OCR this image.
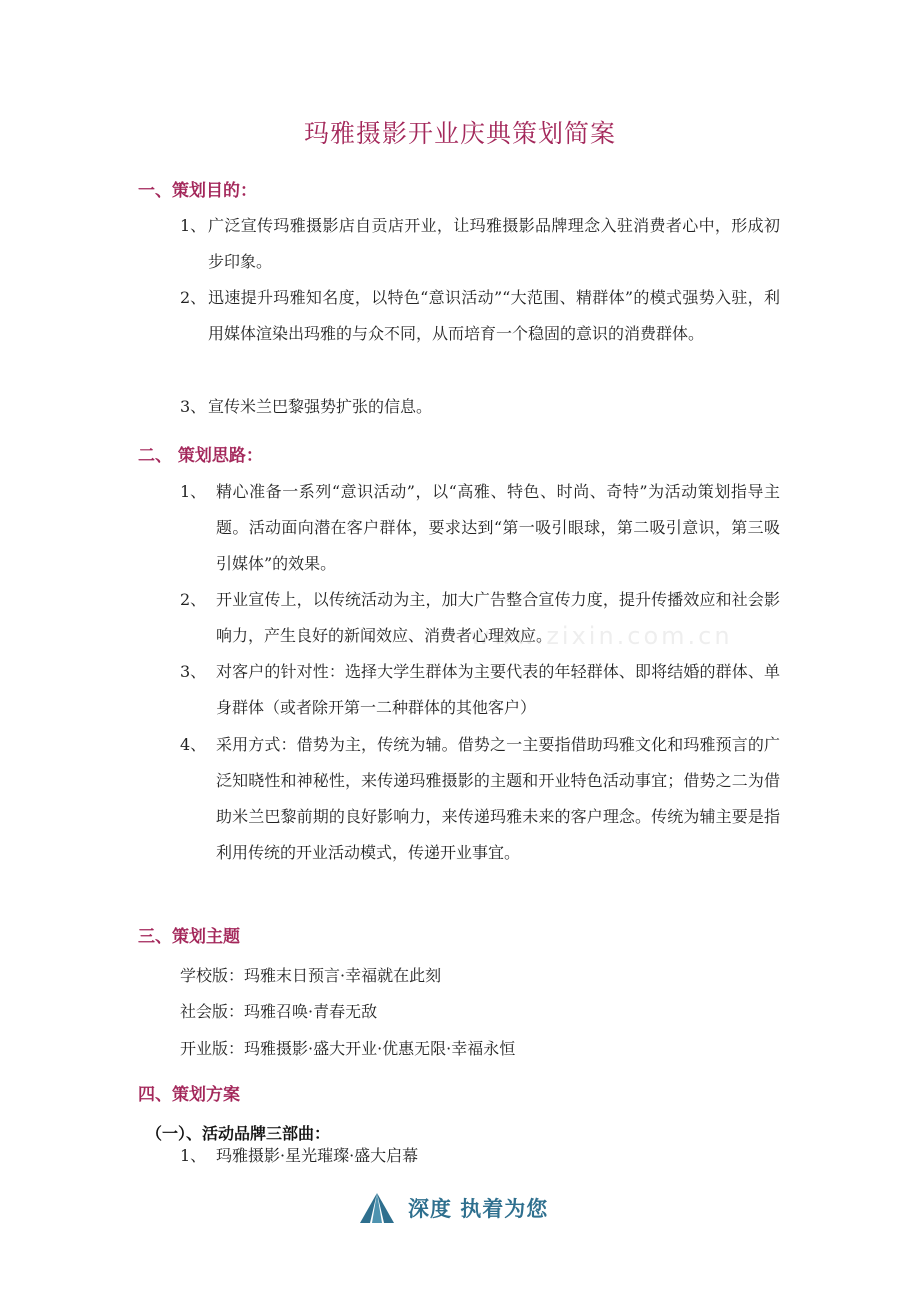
玛雅摄影开业庆典策划简案
一、策划目的：
1、 广泛宣传玛雅摄影店自贡店开业，让玛雅摄影品牌理念入驻消费者心中，形成初步印象。
2、 迅速提升玛雅知名度，以特色“意识活动”“大范围、精群体”的模式强势入驻，利用媒体渲染出玛雅的与众不同，从而培育一个稳固的意识的消费群体。
3、 宣传米兰巴黎强势扩张的信息。
二、 策划思路：
1、 精心准备一系列“意识活动”，以“高雅、特色、时尚、奇特”为活动策划指导主题。活动面向潜在客户群体，要求达到“第一吸引眼球，第二吸引意识，第三吸引媒体”的效果。
2、 开业宣传上，以传统活动为主，加大广告整合宣传力度，提升传播效应和社会影响力，产生良好的新闻效应、消费者心理效应。
3、 对客户的针对性：选择大学生群体为主要代表的年轻群体、即将结婚的群体、单身群体（或者除开第一二种群体的其他客户）
4、 采用方式：借势为主，传统为辅。借势之一主要指借助玛雅文化和玛雅预言的广泛知晓性和神秘性，来传递玛雅摄影的主题和开业特色活动事宜；借势之二为借助米兰巴黎前期的良好影响力，来传递玛雅未来的客户理念。传统为辅主要是指利用传统的开业活动模式，传递开业事宜。
www.zixin.com.cn
三、策划主题
学校版：玛雅末日预言·幸福就在此刻
社会版：玛雅召唤·青春无敌
开业版：玛雅摄影·盛大开业·优惠无限·幸福永恒
四、策划方案
（一）、活动品牌三部曲：
1、 玛雅摄影·星光璀璨·盛大启幕
深度 执着为您
